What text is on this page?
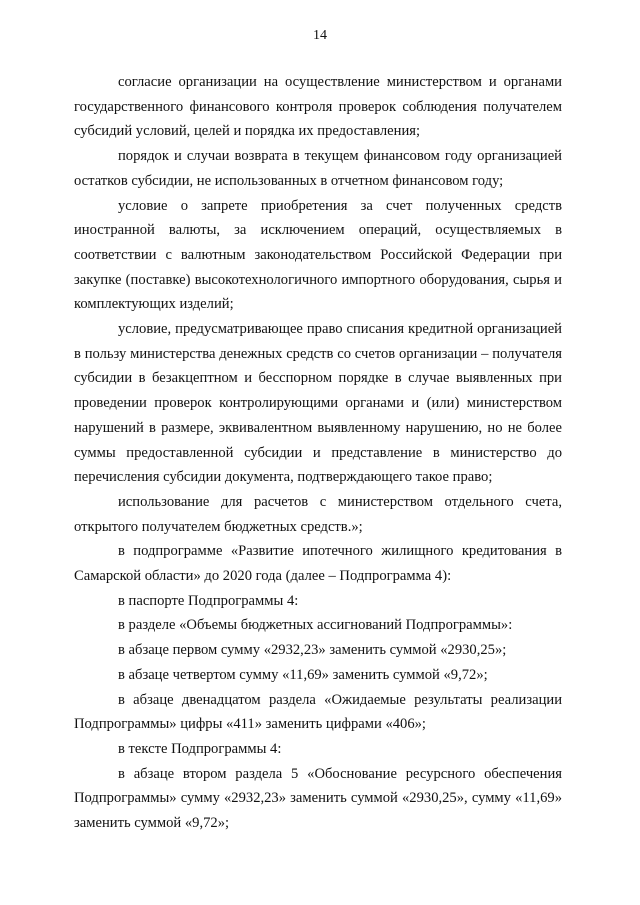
14

согласие организации на осуществление министерством и органами государственного финансового контроля проверок соблюдения получателем субсидий условий, целей и порядка их предоставления;

порядок и случаи возврата в текущем финансовом году организацией остатков субсидии, не использованных в отчетном финансовом году;

условие о запрете приобретения за счет полученных средств иностранной валюты, за исключением операций, осуществляемых в соответствии с валютным законодательством Российской Федерации при закупке (поставке) высокотехнологичного импортного оборудования, сырья и комплектующих изделий;

условие, предусматривающее право списания кредитной организацией в пользу министерства денежных средств со счетов организации – получателя субсидии в безакцептном и бесспорном порядке в случае выявленных при проведении проверок контролирующими органами и (или) министерством нарушений в размере, эквивалентном выявленному нарушению, но не более суммы предоставленной субсидии и представление в министерство до перечисления субсидии документа, подтверждающего такое право;

использование для расчетов с министерством отдельного счета, открытого получателем бюджетных средств.»;

в подпрограмме «Развитие ипотечного жилищного кредитования в Самарской области» до 2020 года (далее – Подпрограмма 4):

в паспорте Подпрограммы 4:

в разделе «Объемы бюджетных ассигнований Подпрограммы»:

в абзаце первом сумму «2932,23» заменить суммой «2930,25»;

в абзаце четвертом сумму «11,69» заменить суммой «9,72»;

в абзаце двенадцатом раздела «Ожидаемые результаты реализации Подпрограммы» цифры «411» заменить цифрами «406»;

в тексте Подпрограммы 4:

в абзаце втором раздела 5 «Обоснование ресурсного обеспечения Подпрограммы» сумму «2932,23» заменить суммой «2930,25», сумму «11,69» заменить суммой «9,72»;
